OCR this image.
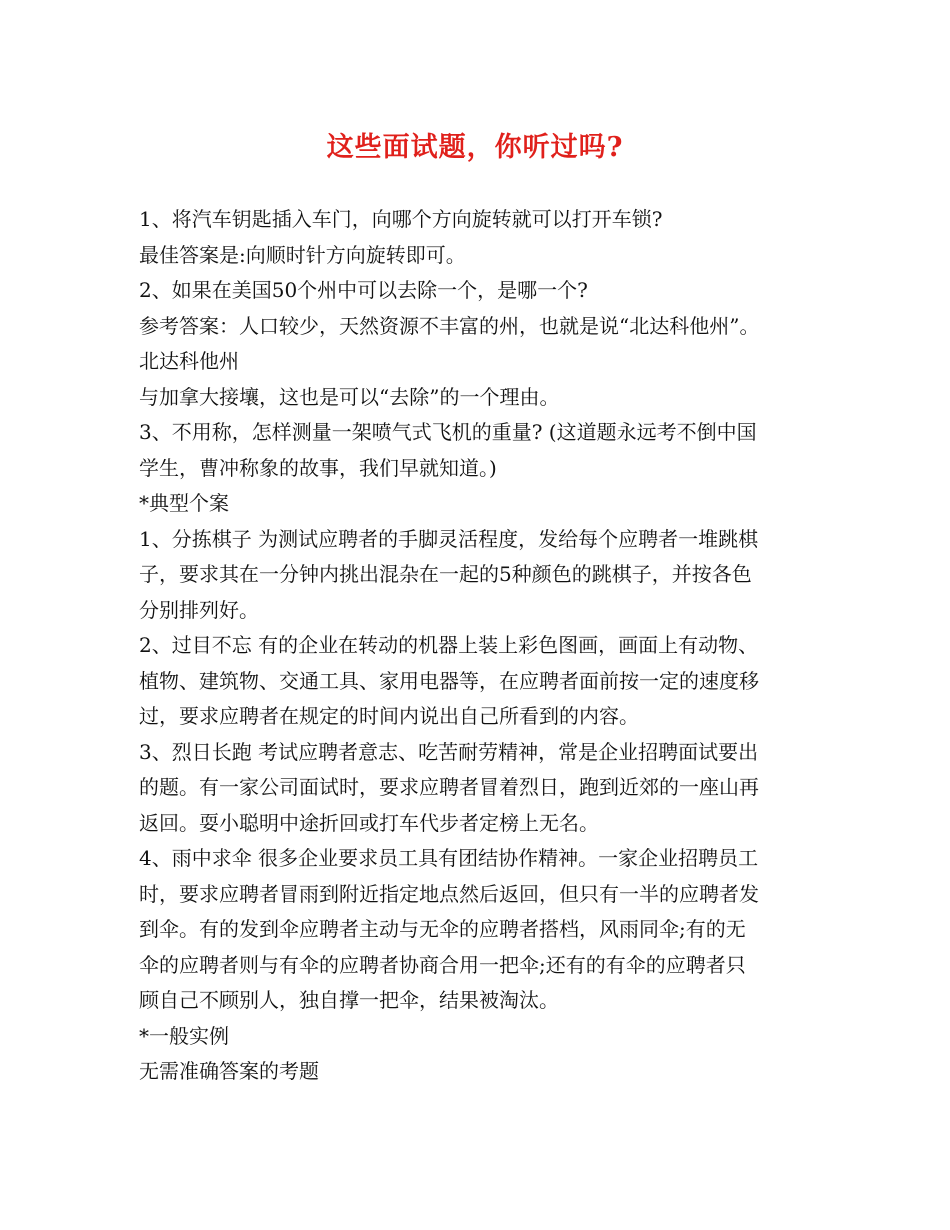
这些面试题，你听过吗?

1、将汽车钥匙插入车门，向哪个方向旋转就可以打开车锁?

最佳答案是:向顺时针方向旋转即可。

2、如果在美国50个州中可以去除一个，是哪一个?

参考答案：人口较少，天然资源不丰富的州，也就是说“北达科他州”。

北达科他州

与加拿大接壤，这也是可以“去除”的一个理由。

3、不用称，怎样测量一架喷气式飞机的重量? (这道题永远考不倒中国

学生，曹冲称象的故事，我们早就知道。)

*典型个案

1、分拣棋子 为测试应聘者的手脚灵活程度，发给每个应聘者一堆跳棋

子，要求其在一分钟内挑出混杂在一起的5种颜色的跳棋子，并按各色

分别排列好。

2、过目不忘 有的企业在转动的机器上装上彩色图画，画面上有动物、

植物、建筑物、交通工具、家用电器等，在应聘者面前按一定的速度移

过，要求应聘者在规定的时间内说出自己所看到的内容。

3、烈日长跑 考试应聘者意志、吃苦耐劳精神，常是企业招聘面试要出

的题。有一家公司面试时，要求应聘者冒着烈日，跑到近郊的一座山再

返回。耍小聪明中途折回或打车代步者定榜上无名。

4、雨中求伞 很多企业要求员工具有团结协作精神。一家企业招聘员工

时，要求应聘者冒雨到附近指定地点然后返回，但只有一半的应聘者发

到伞。有的发到伞应聘者主动与无伞的应聘者搭档，风雨同伞;有的无

伞的应聘者则与有伞的应聘者协商合用一把伞;还有的有伞的应聘者只

顾自己不顾别人，独自撑一把伞，结果被淘汰。

*一般实例

无需准确答案的考题
